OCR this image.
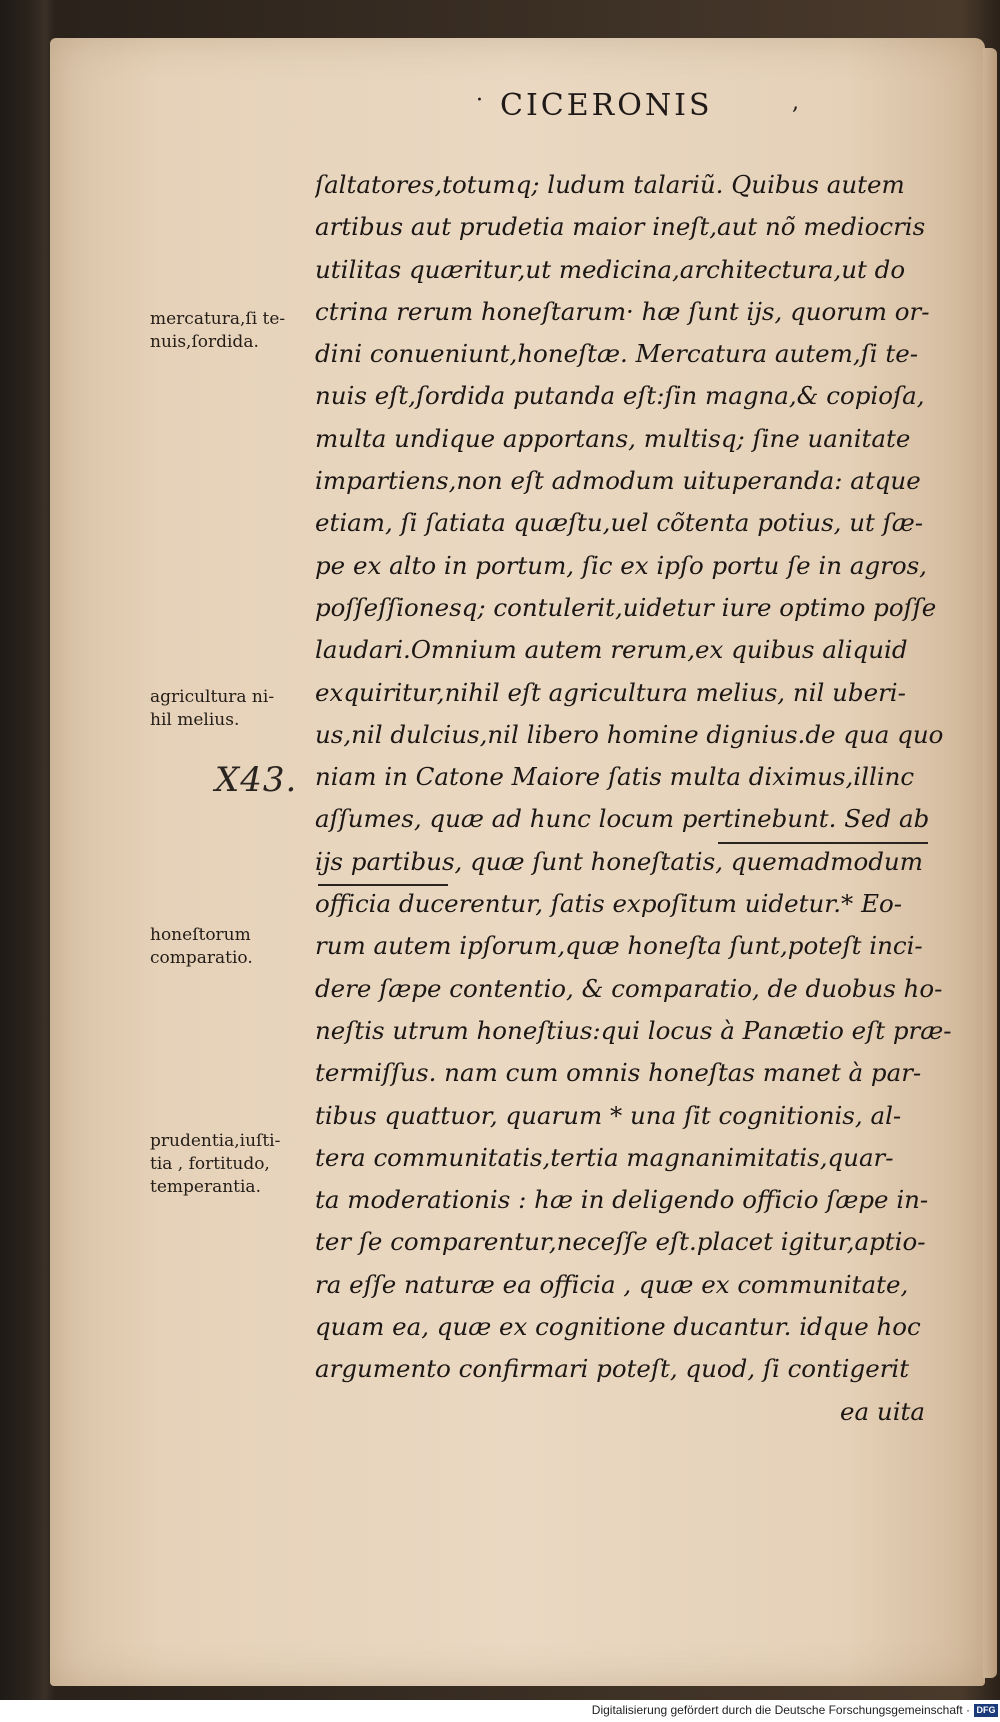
· CICERONIS	,
ſaltatores,totumq; ludum talariũ. Quibus autem
artibus aut prudetia maior ineſt,aut nõ mediocris
utilitas quæritur,ut medicina,architectura,ut do
ctrina rerum honeſtarum· hæ ſunt ijs, quorum or-
dini conueniunt,honeſtæ. Mercatura autem,ſi te-
nuis eſt,ſordida putanda eſt:ſin magna,& copioſa,
multa undique apportans, multisq; ſine uanitate
impartiens,non eſt admodum uituperanda: atque
etiam, ſi ſatiata quæſtu,uel cõtenta potius, ut ſæ-
pe ex alto in portum, ſic ex ipſo portu ſe in agros,
poſſeſſionesq; contulerit,uidetur iure optimo poſſe
laudari.Omnium autem rerum,ex quibus aliquid
exquiritur,nihil eſt agricultura melius, nil uberi-
us,nil dulcius,nil libero homine dignius.de qua quo
niam in Catone Maiore ſatis multa diximus,illinc
aſſumes, quæ ad hunc locum pertinebunt. Sed ab
ijs partibus, quæ ſunt honeſtatis, quemadmodum
officia ducerentur, ſatis expoſitum uidetur.* Eo-
rum autem ipſorum,quæ honeſta ſunt,poteſt inci-
dere ſæpe contentio, & comparatio, de duobus ho-
neſtis utrum honeſtius:qui locus à Panætio eſt præ-
termiſſus. nam cum omnis honeſtas manet à par-
tibus quattuor, quarum * una ſit cognitionis, al-
tera communitatis,tertia magnanimitatis,quar-
ta moderationis : hæ in deligendo officio ſæpe in-
ter ſe comparentur,neceſſe eſt.placet igitur,aptio-
ra eſſe naturæ ea officia , quæ ex communitate,
quam ea, quæ ex cognitione ducantur. idque hoc
argumento confirmari poteſt, quod, ſi contigerit
ea uita
mercatura,ſi te-
nuis,ſordida.
agricultura ni-
hil melius.
honeſtorum
comparatio.
prudentia,iuſti-
tia , fortitudo,
temperantia.
X43.
Digitalisierung gefördert durch die Deutsche Forschungsgemeinschaft · DFG
